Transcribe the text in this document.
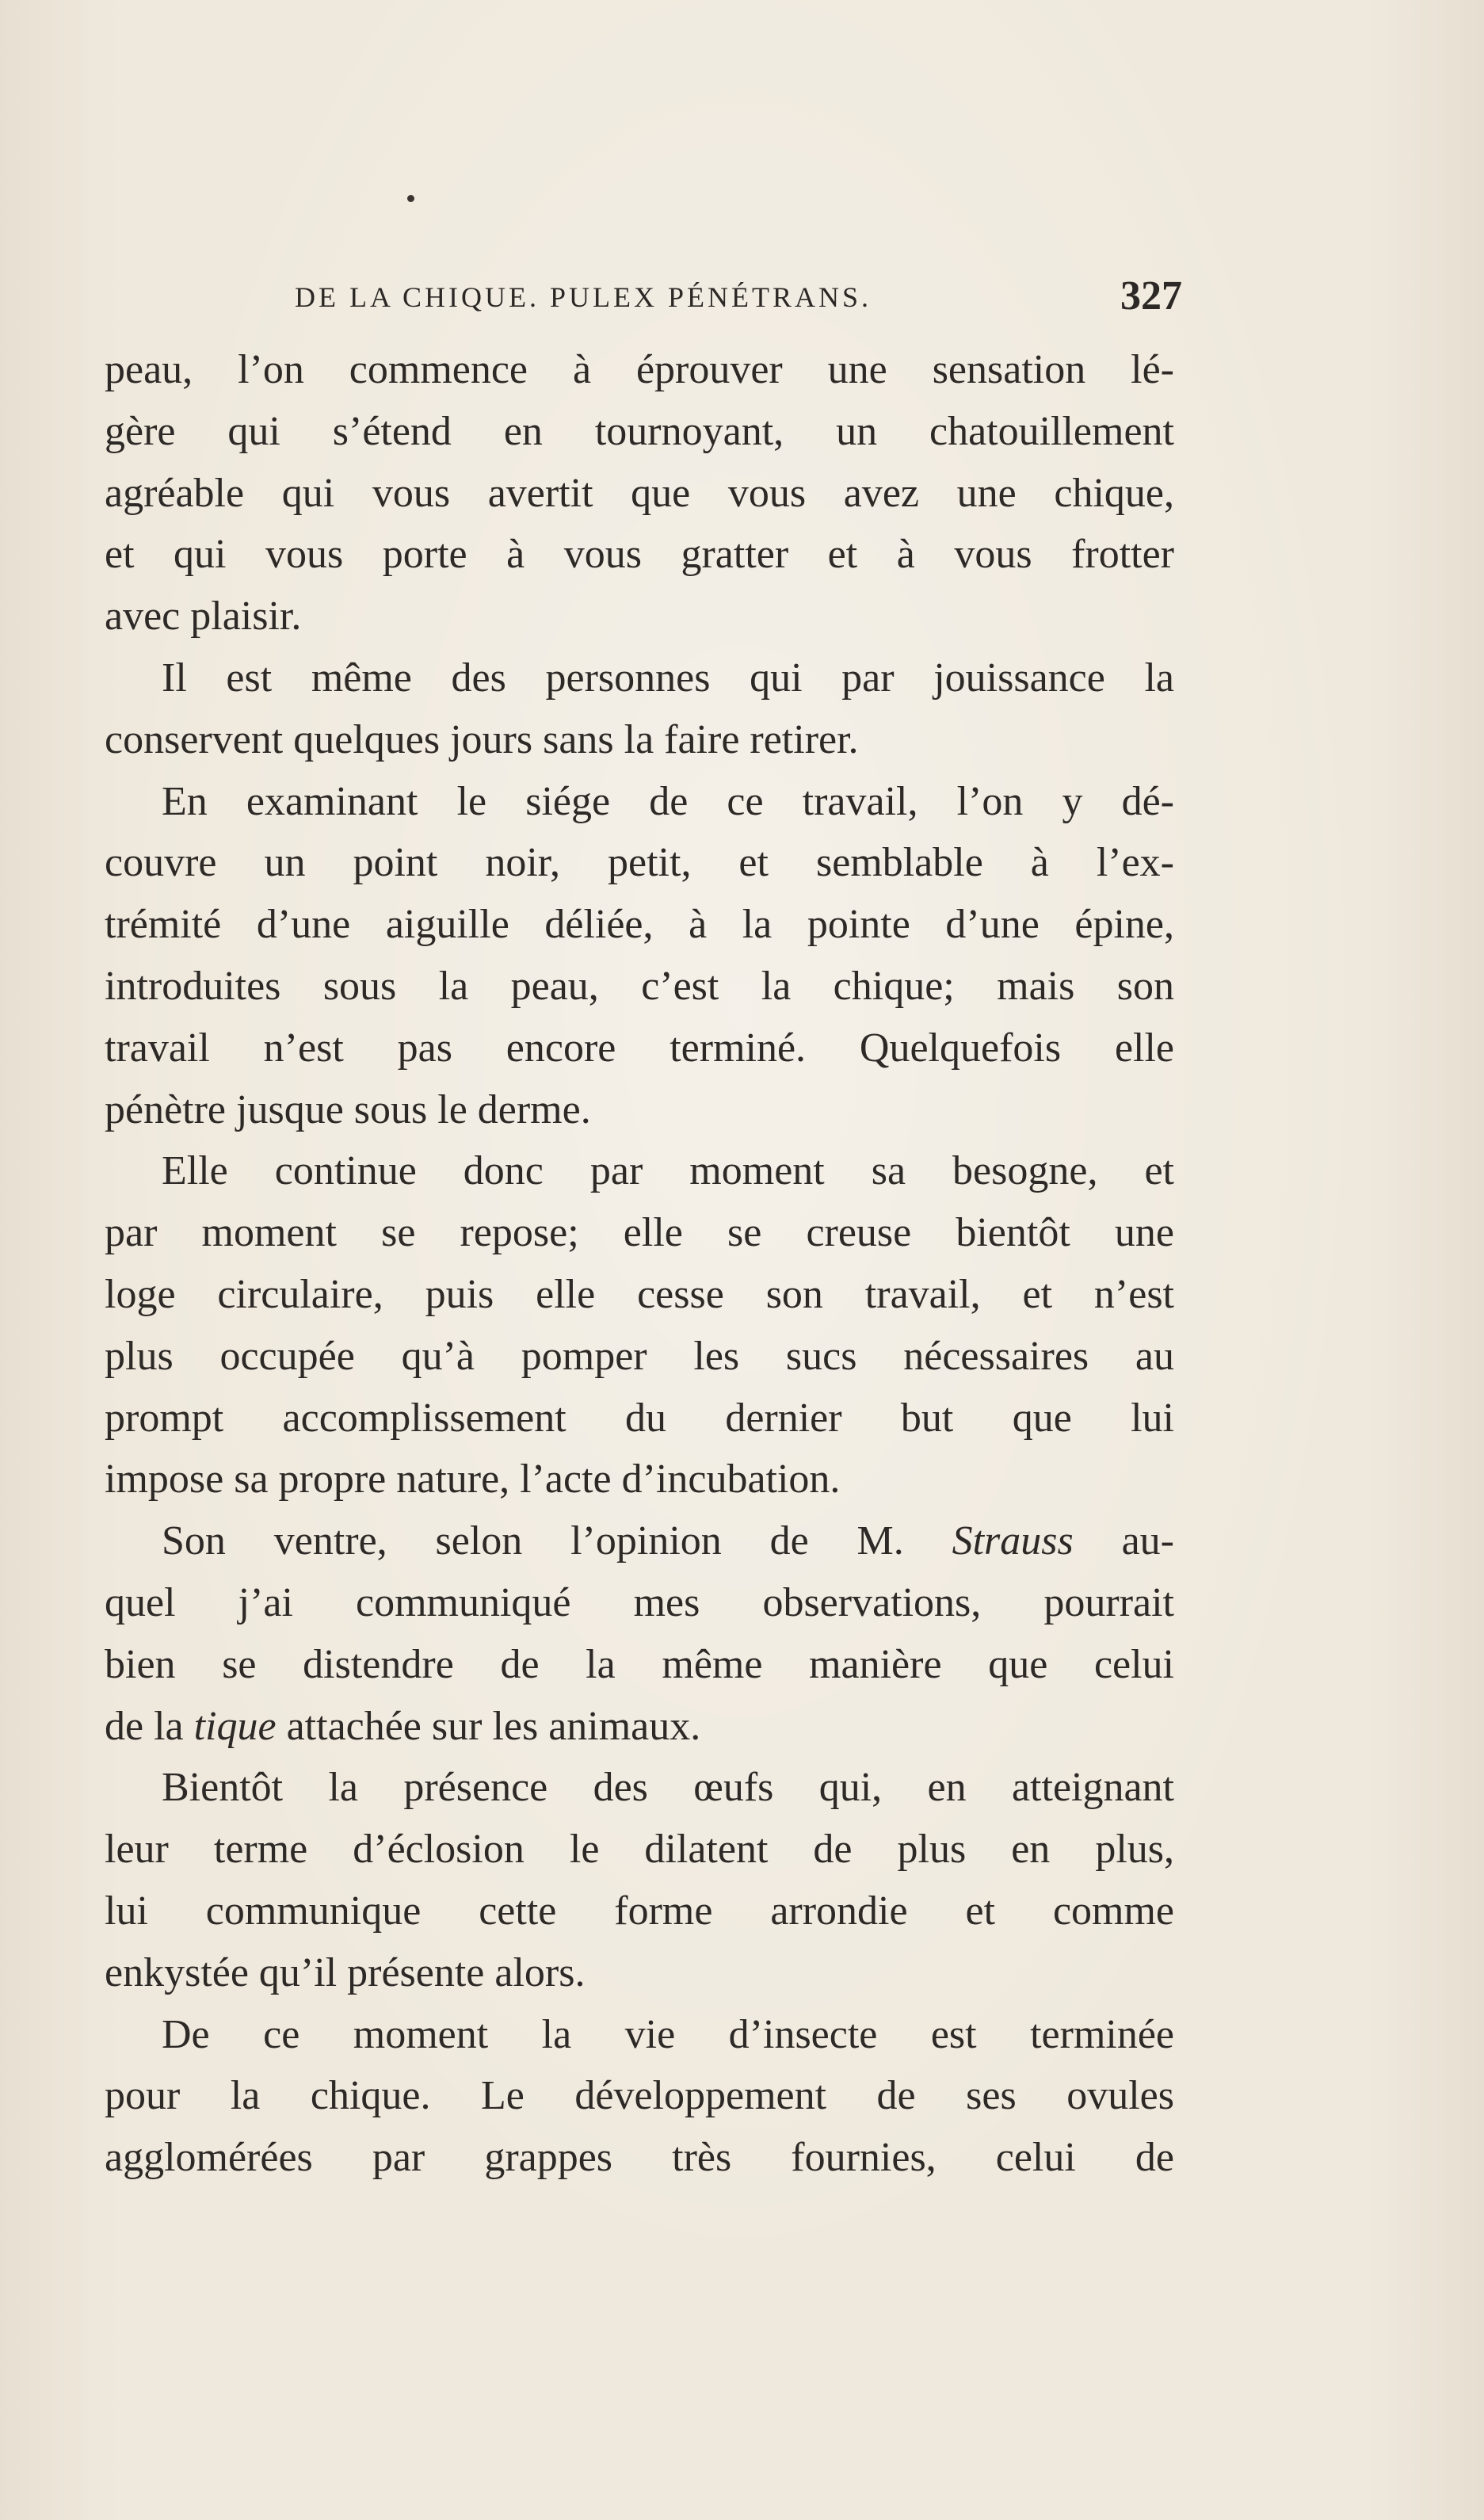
DE LA CHIQUE. PULEX PÉNÉTRANS.	327
peau, l’on commence à éprouver une sensation lé-
gère qui s’étend en tournoyant, un chatouillement
agréable qui vous avertit que vous avez une chique,
et qui vous porte à vous gratter et à vous frotter
avec plaisir.
Il est même des personnes qui par jouissance la
conservent quelques jours sans la faire retirer.
En examinant le siége de ce travail, l’on y dé-
couvre un point noir, petit, et semblable à l’ex-
trémité d’une aiguille déliée, à la pointe d’une épine,
introduites sous la peau, c’est la chique; mais son
travail n’est pas encore terminé. Quelquefois elle
pénètre jusque sous le derme.
Elle continue donc par moment sa besogne, et
par moment se repose; elle se creuse bientôt une
loge circulaire, puis elle cesse son travail, et n’est
plus occupée qu’à pomper les sucs nécessaires au
prompt accomplissement du dernier but que lui
impose sa propre nature, l’acte d’incubation.
Son ventre, selon l’opinion de M. Strauss au-
quel j’ai communiqué mes observations, pourrait
bien se distendre de la même manière que celui
de la tique attachée sur les animaux.
Bientôt la présence des œufs qui, en atteignant
leur terme d’éclosion le dilatent de plus en plus,
lui communique cette forme arrondie et comme
enkystée qu’il présente alors.
De ce moment la vie d’insecte est terminée
pour la chique. Le développement de ses ovules
agglomérées par grappes très fournies, celui de
